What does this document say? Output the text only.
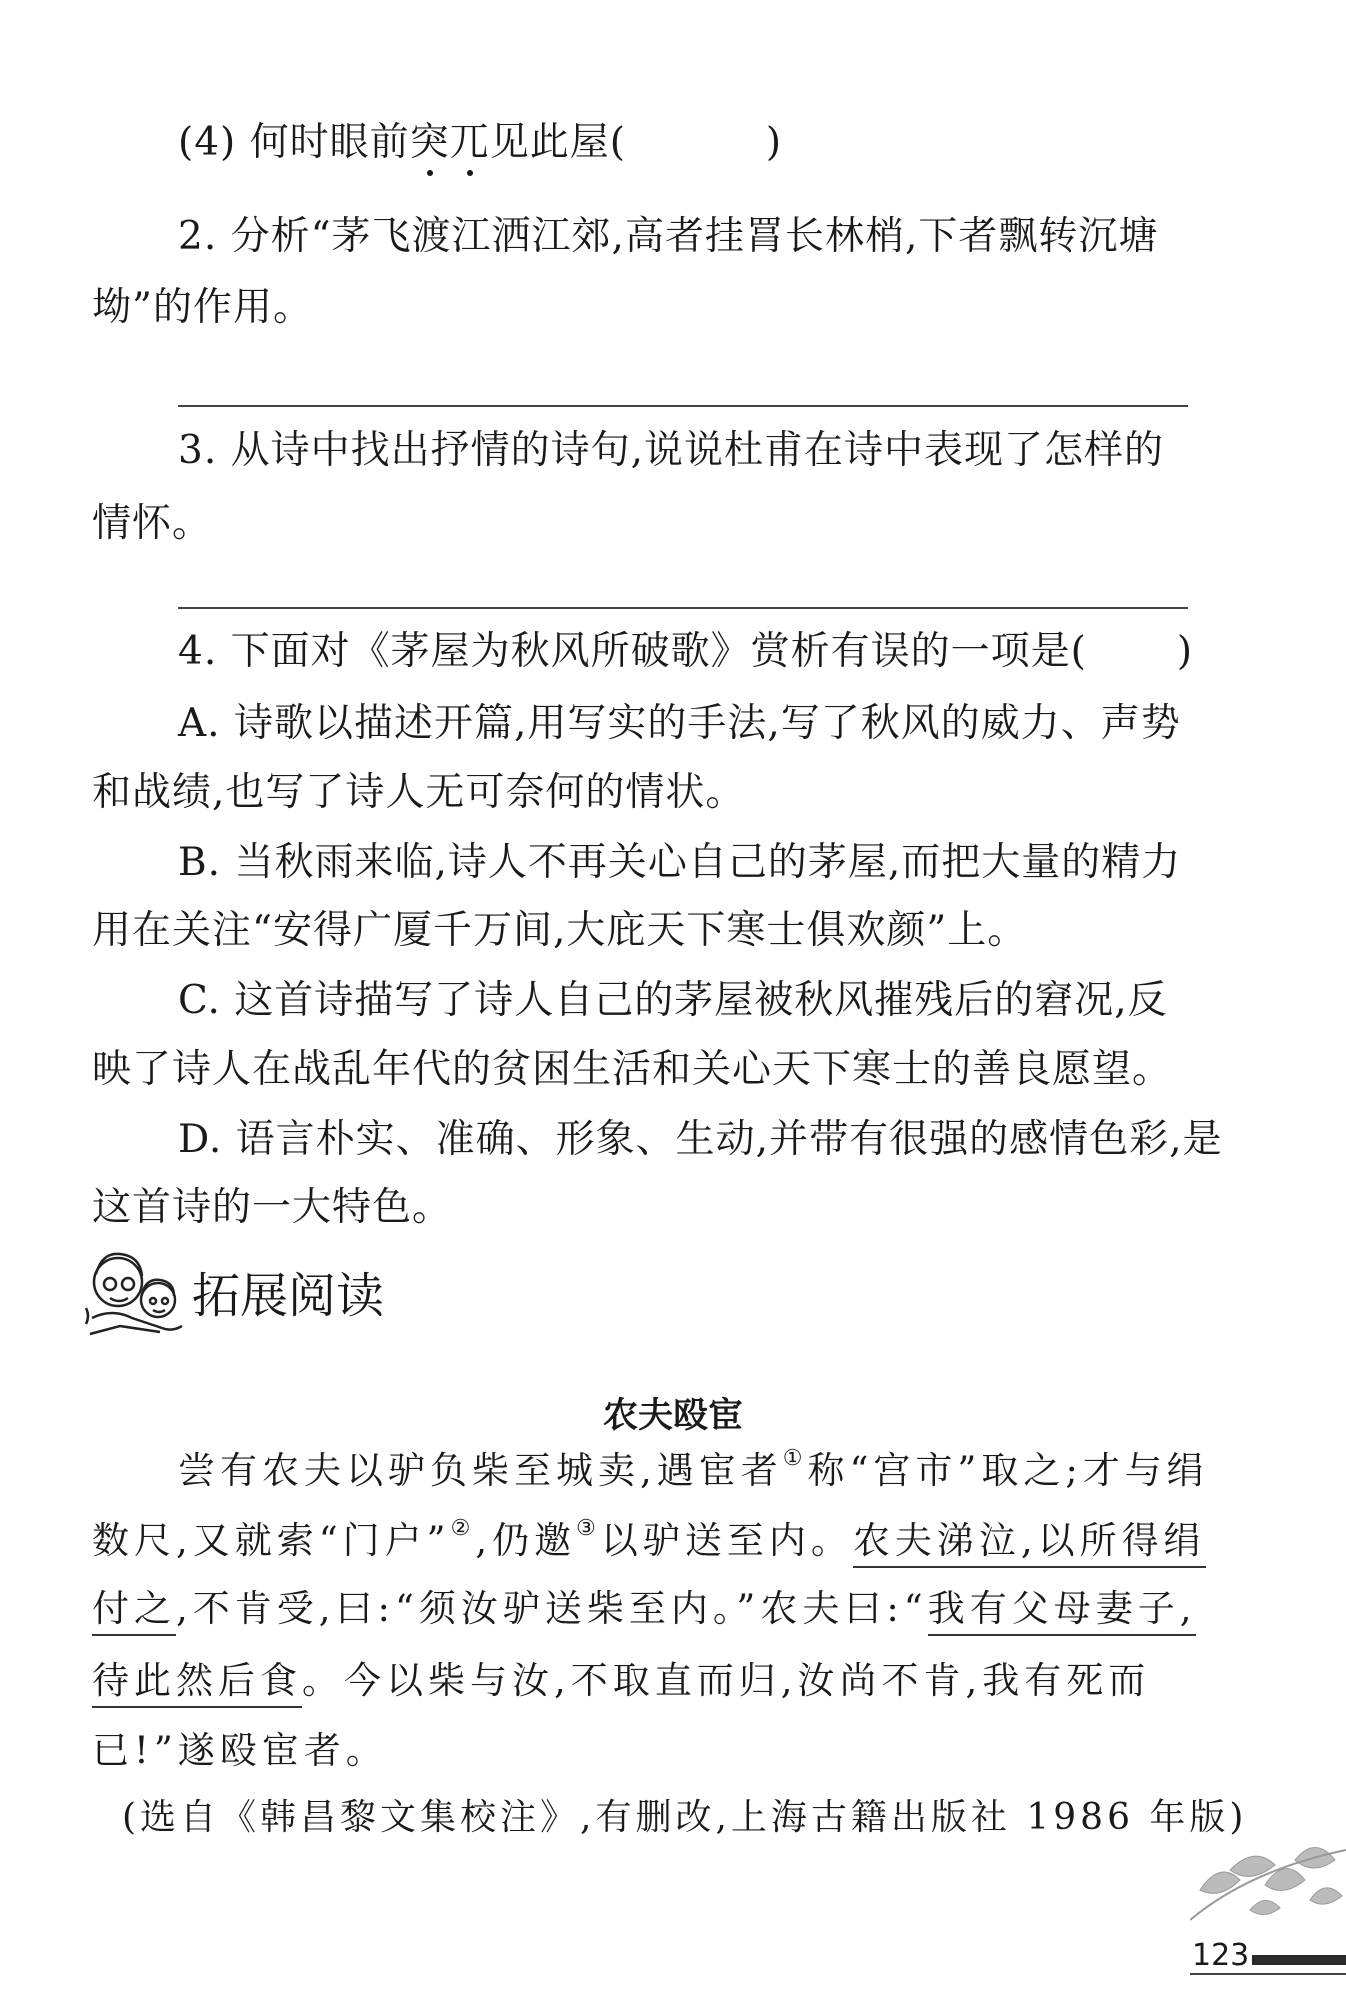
(4) 何时眼前突
兀
见此屋(	)
2. 分析“茅飞渡江洒江郊,高者挂罥长林梢,下者飘转沉塘
坳”的作用。
3. 从诗中找出抒情的诗句,说说杜甫在诗中表现了怎样的
情怀。
4. 下面对《茅屋为秋风所破歌》赏析有误的一项是( )
A. 诗歌以描述开篇,用写实的手法,写了秋风的威力、声势
和战绩,也写了诗人无可奈何的情状。
B. 当秋雨来临,诗人不再关心自己的茅屋,而把大量的精力
用在关注“安得广厦千万间,大庇天下寒士俱欢颜”上。
C. 这首诗描写了诗人自己的茅屋被秋风摧残后的窘况,反
映了诗人在战乱年代的贫困生活和关心天下寒士的善良愿望。
D. 语言朴实、准确、形象、生动,并带有很强的感情色彩,是
这首诗的一大特色。
拓展阅读
农夫殴宦
尝有农夫以驴负柴至城卖,遇宦者①称“宫市”取之;才与绢
数尺,又就索“门户”②,仍邀③以驴送至内。农夫涕泣,以所得绢
付之,不肯受,曰:“须汝驴送柴至内。”农夫曰:“我有父母妻子,
待此然后食。今以柴与汝,不取直而归,汝尚不肯,我有死而
已!”遂殴宦者。
(选自《韩昌黎文集校注》,有删改,上海古籍出版社 1986 年版)
123
